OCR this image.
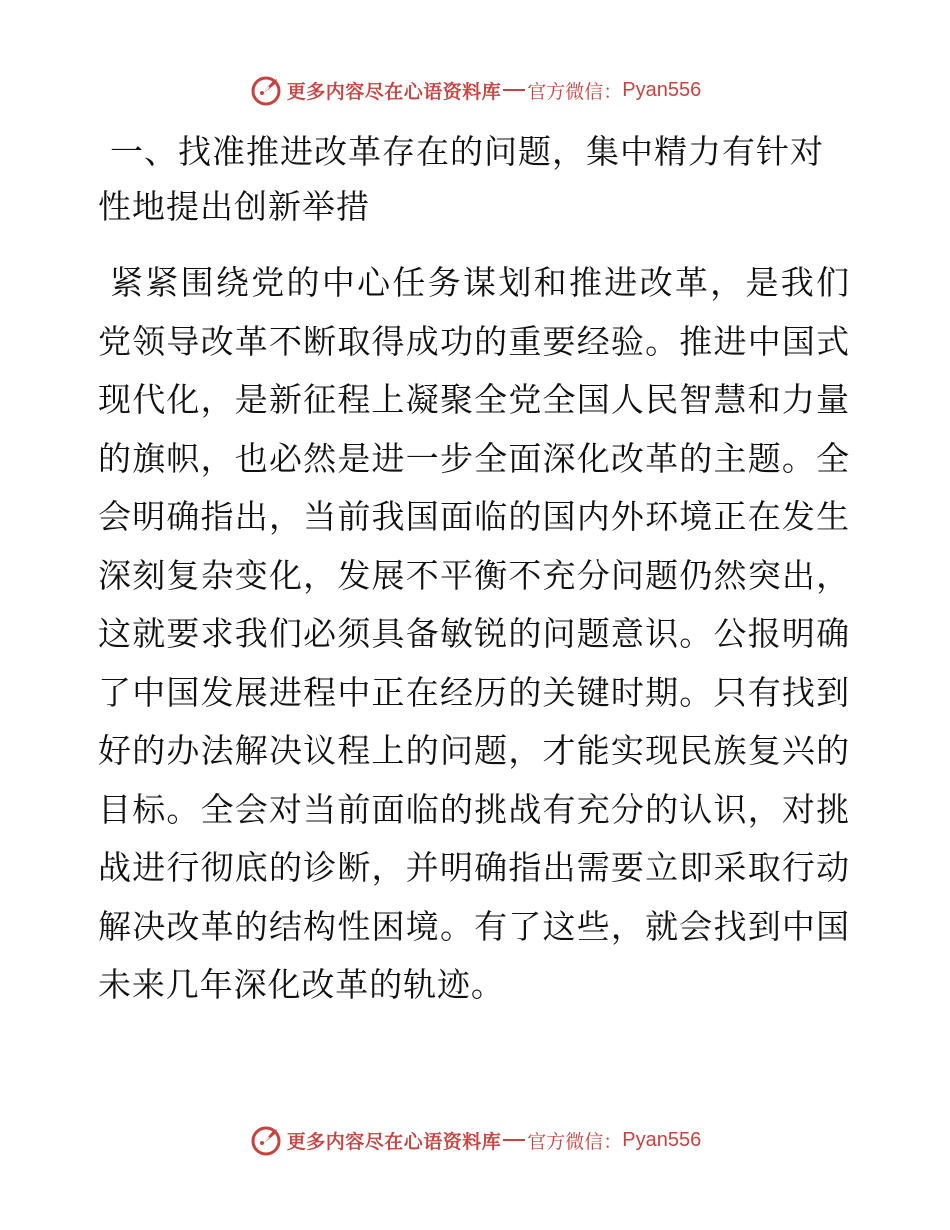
更多内容尽在心语资料库 官方微信： Pyan556
一、找准推进改革存在的问题，集中精力有针对
性地提出创新举措

紧紧围绕党的中心任务谋划和推进改革，是我们党领导改革不断取得成功的重要经验。推进中国式现代化，是新征程上凝聚全党全国人民智慧和力量的旗帜，也必然是进一步全面深化改革的主题。全会明确指出，当前我国面临的国内外环境正在发生深刻复杂变化，发展不平衡不充分问题仍然突出，这就要求我们必须具备敏锐的问题意识。公报明确了中国发展进程中正在经历的关键时期。只有找到好的办法解决议程上的问题，才能实现民族复兴的目标。全会对当前面临的挑战有充分的认识，对挑战进行彻底的诊断，并明确指出需要立即采取行动解决改革的结构性困境。有了这些，就会找到中国未来几年深化改革的轨迹。

更多内容尽在心语资料库 官方微信： Pyan556
